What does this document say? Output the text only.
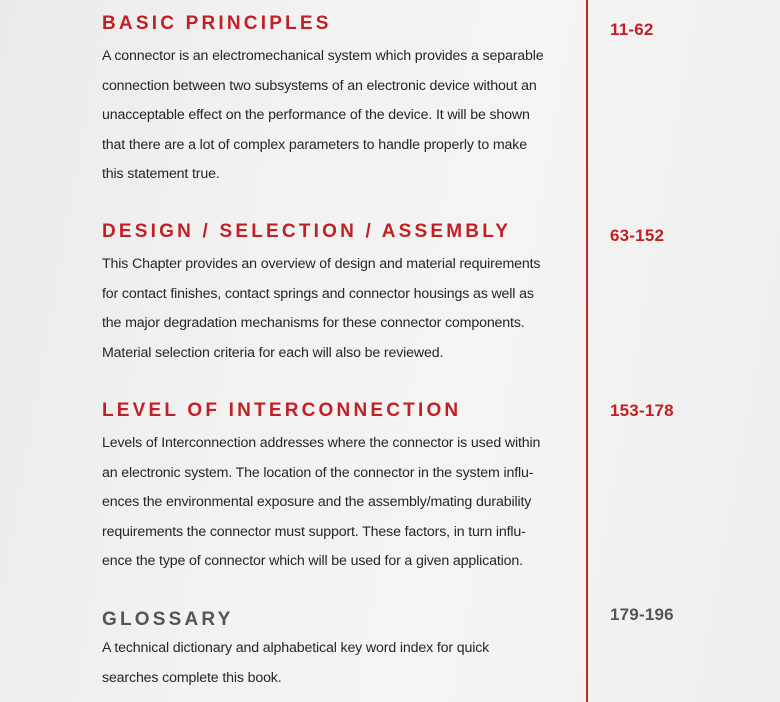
BASIC PRINCIPLES

A connector is an electromechanical system which provides a separable
connection between two subsystems of an electronic device without an
unacceptable effect on the performance of the device. It will be shown
that there are a lot of complex parameters to handle properly to make
this statement true.

11-62
DESIGN / SELECTION / ASSEMBLY

This Chapter provides an overview of design and material requirements
for contact finishes, contact springs and connector housings as well as
the major degradation mechanisms for these connector components.
Material selection criteria for each will also be reviewed.

63-152
LEVEL OF INTERCONNECTION

Levels of Interconnection addresses where the connector is used within
an electronic system. The location of the connector in the system influ-
ences the environmental exposure and the assembly/mating durability
requirements the connector must support. These factors, in turn influ-
ence the type of connector which will be used for a given application.

153-178
GLOSSARY

A technical dictionary and alphabetical key word index for quick
searches complete this book.

179-196
